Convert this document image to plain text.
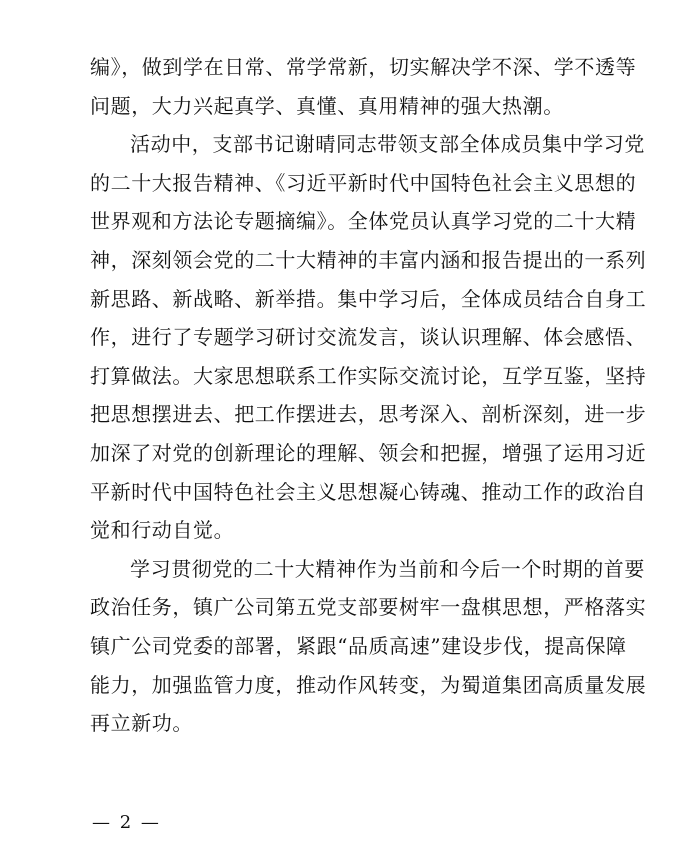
编》，做到学在日常、常学常新，切实解决学不深、学不透等
问题，大力兴起真学、真懂、真用精神的强大热潮。
活动中，支部书记谢晴同志带领支部全体成员集中学习党
的二十大报告精神、《习近平新时代中国特色社会主义思想的
世界观和方法论专题摘编》。全体党员认真学习党的二十大精
神，深刻领会党的二十大精神的丰富内涵和报告提出的一系列
新思路、新战略、新举措。集中学习后，全体成员结合自身工
作，进行了专题学习研讨交流发言，谈认识理解、体会感悟、
打算做法。大家思想联系工作实际交流讨论，互学互鉴，坚持
把思想摆进去、把工作摆进去，思考深入、剖析深刻，进一步
加深了对党的创新理论的理解、领会和把握，增强了运用习近
平新时代中国特色社会主义思想凝心铸魂、推动工作的政治自
觉和行动自觉。
学习贯彻党的二十大精神作为当前和今后一个时期的首要
政治任务，镇广公司第五党支部要树牢一盘棋思想，严格落实
镇广公司党委的部署，紧跟“品质高速”建设步伐，提高保障
能力，加强监管力度，推动作风转变，为蜀道集团高质量发展
再立新功。
— 2 —
